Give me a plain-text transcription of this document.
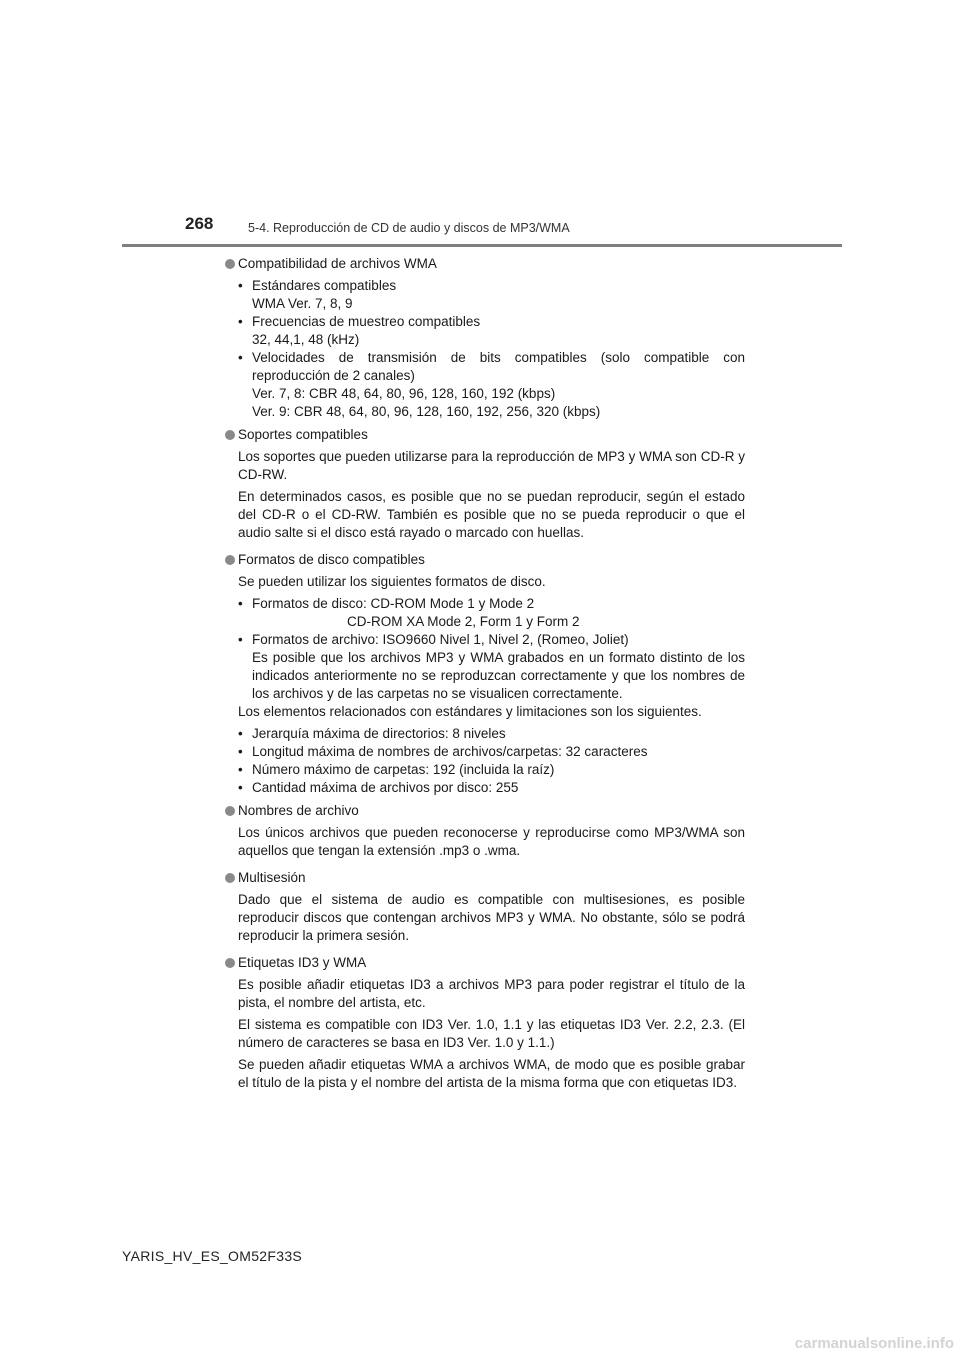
268	5-4. Reproducción de CD de audio y discos de MP3/WMA
Compatibilidad de archivos WMA
• Estándares compatibles
WMA Ver. 7, 8, 9
• Frecuencias de muestreo compatibles
32, 44,1, 48 (kHz)
• Velocidades de transmisión de bits compatibles (solo compatible con reproducción de 2 canales)
Ver. 7, 8: CBR 48, 64, 80, 96, 128, 160, 192 (kbps)
Ver. 9: CBR 48, 64, 80, 96, 128, 160, 192, 256, 320 (kbps)
Soportes compatibles

Los soportes que pueden utilizarse para la reproducción de MP3 y WMA son CD-R y CD-RW.

En determinados casos, es posible que no se puedan reproducir, según el estado del CD-R o el CD-RW. También es posible que no se pueda reproducir o que el audio salte si el disco está rayado o marcado con huellas.

Formatos de disco compatibles

Se pueden utilizar los siguientes formatos de disco.

• Formatos de disco: CD-ROM Mode 1 y Mode 2
CD-ROM XA Mode 2, Form 1 y Form 2
• Formatos de archivo: ISO9660 Nivel 1, Nivel 2, (Romeo, Joliet)
Es posible que los archivos MP3 y WMA grabados en un formato distinto de los indicados anteriormente no se reproduzcan correctamente y que los nombres de los archivos y de las carpetas no se visualicen correctamente.

Los elementos relacionados con estándares y limitaciones son los siguientes.

• Jerarquía máxima de directorios: 8 niveles
• Longitud máxima de nombres de archivos/carpetas: 32 caracteres
• Número máximo de carpetas: 192 (incluida la raíz)
• Cantidad máxima de archivos por disco: 255
Nombres de archivo

Los únicos archivos que pueden reconocerse y reproducirse como MP3/WMA son aquellos que tengan la extensión .mp3 o .wma.

Multisesión

Dado que el sistema de audio es compatible con multisesiones, es posible reproducir discos que contengan archivos MP3 y WMA. No obstante, sólo se podrá reproducir la primera sesión.

Etiquetas ID3 y WMA

Es posible añadir etiquetas ID3 a archivos MP3 para poder registrar el título de la pista, el nombre del artista, etc.

El sistema es compatible con ID3 Ver. 1.0, 1.1 y las etiquetas ID3 Ver. 2.2, 2.3. (El número de caracteres se basa en ID3 Ver. 1.0 y 1.1.)

Se pueden añadir etiquetas WMA a archivos WMA, de modo que es posible grabar el título de la pista y el nombre del artista de la misma forma que con etiquetas ID3.

YARIS_HV_ES_OM52F33S
carmanualsonline.info
